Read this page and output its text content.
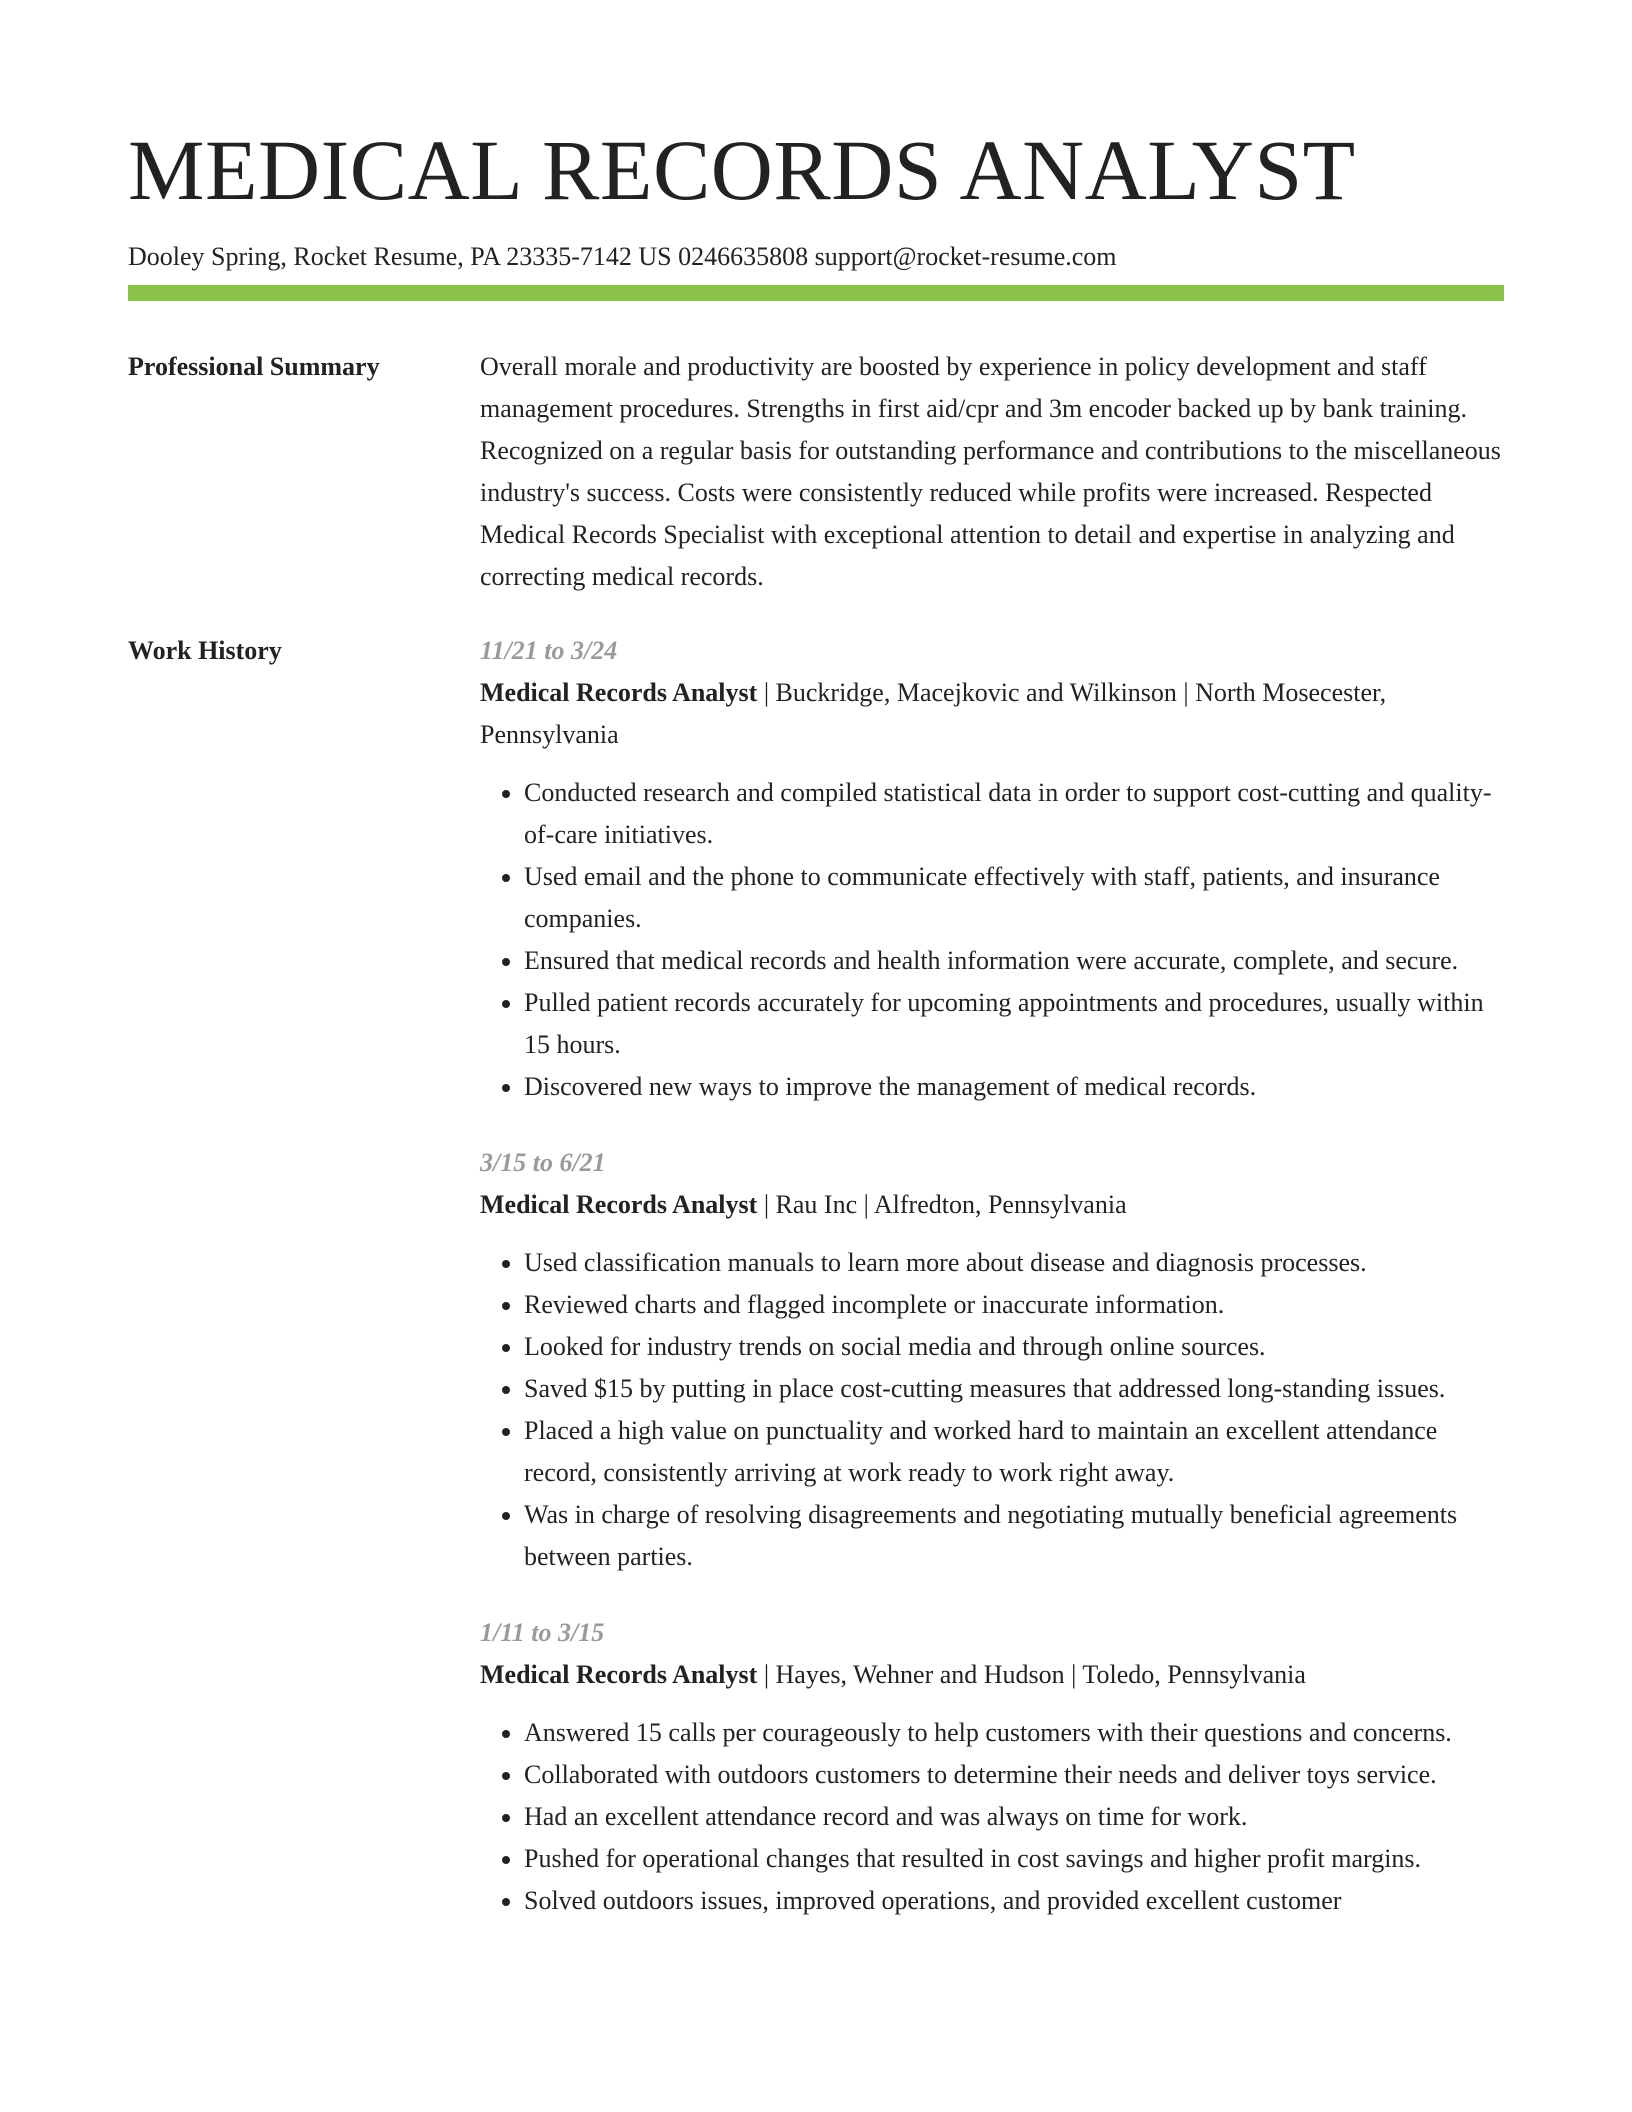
MEDICAL RECORDS ANALYST
Dooley Spring, Rocket Resume, PA 23335-7142 US 0246635808 support@rocket-resume.com
Professional Summary	Overall morale and productivity are boosted by experience in policy development and staff management procedures. Strengths in first aid/cpr and 3m encoder backed up by bank training. Recognized on a regular basis for outstanding performance and contributions to the miscellaneous industry's success. Costs were consistently reduced while profits were increased. Respected Medical Records Specialist with exceptional attention to detail and expertise in analyzing and correcting medical records.

Work History	11/21 to 3/24
Medical Records Analyst | Buckridge, Macejkovic and Wilkinson | North Mosecester, Pennsylvania
• Conducted research and compiled statistical data in order to support cost-cutting and quality-of-care initiatives.
• Used email and the phone to communicate effectively with staff, patients, and insurance companies.
• Ensured that medical records and health information were accurate, complete, and secure.
• Pulled patient records accurately for upcoming appointments and procedures, usually within 15 hours.
• Discovered new ways to improve the management of medical records.
3/15 to 6/21
Medical Records Analyst | Rau Inc | Alfredton, Pennsylvania
• Used classification manuals to learn more about disease and diagnosis processes.
• Reviewed charts and flagged incomplete or inaccurate information.
• Looked for industry trends on social media and through online sources.
• Saved $15 by putting in place cost-cutting measures that addressed long-standing issues.
• Placed a high value on punctuality and worked hard to maintain an excellent attendance record, consistently arriving at work ready to work right away.
• Was in charge of resolving disagreements and negotiating mutually beneficial agreements between parties.
1/11 to 3/15
Medical Records Analyst | Hayes, Wehner and Hudson | Toledo, Pennsylvania
• Answered 15 calls per courageously to help customers with their questions and concerns.
• Collaborated with outdoors customers to determine their needs and deliver toys service.
• Had an excellent attendance record and was always on time for work.
• Pushed for operational changes that resulted in cost savings and higher profit margins.
• Solved outdoors issues, improved operations, and provided excellent customer
